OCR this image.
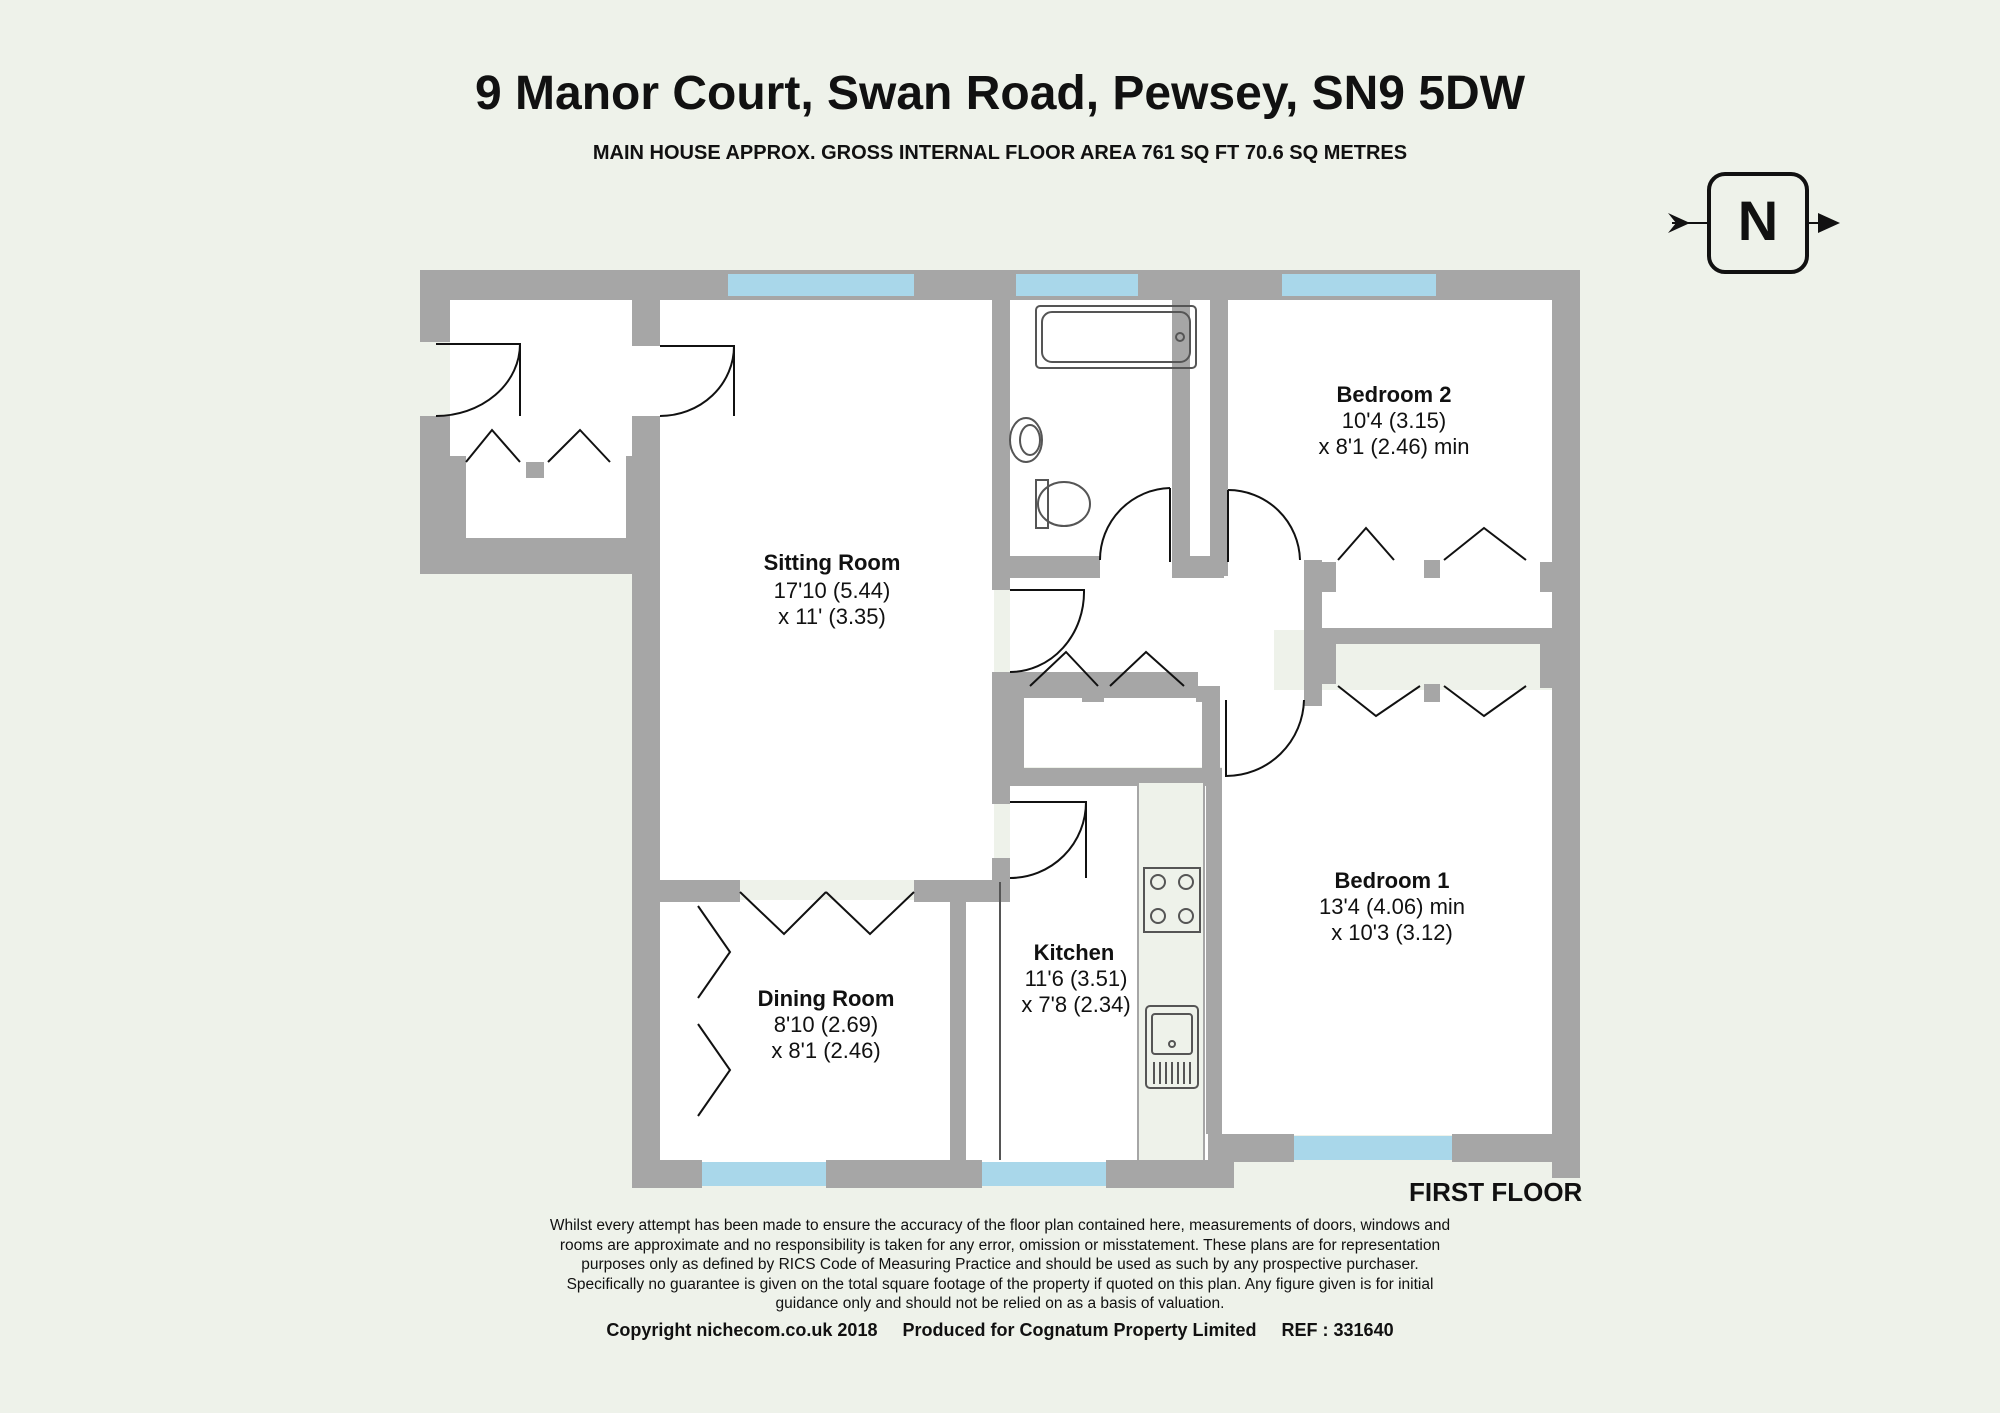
9 Manor Court, Swan Road, Pewsey, SN9 5DW
MAIN HOUSE APPROX. GROSS INTERNAL FLOOR AREA 761 SQ FT 70.6 SQ METRES
N
Sitting Room
17'10 (5.44)
x 11' (3.35)
Bedroom 2
10'4 (3.15)
x 8'1 (2.46) min
Bedroom 1
13'4 (4.06) min
x 10'3 (3.12)
Kitchen
11'6 (3.51)
x 7'8 (2.34)
Dining Room
8'10 (2.69)
x 8'1 (2.46)
FIRST FLOOR
Whilst every attempt has been made to ensure the accuracy of the floor plan contained here, measurements of doors, windows and
rooms are approximate and no responsibility is taken for any error, omission or misstatement. These plans are for representation
purposes only as defined by RICS Code of Measuring Practice and should be used as such by any prospective purchaser.
Specifically no guarantee is given on the total square footage of the property if quoted on this plan. Any figure given is for initial
guidance only and should not be relied on as a basis of valuation.
Copyright nichecom.co.uk 2018 Produced for Cognatum Property Limited REF : 331640
